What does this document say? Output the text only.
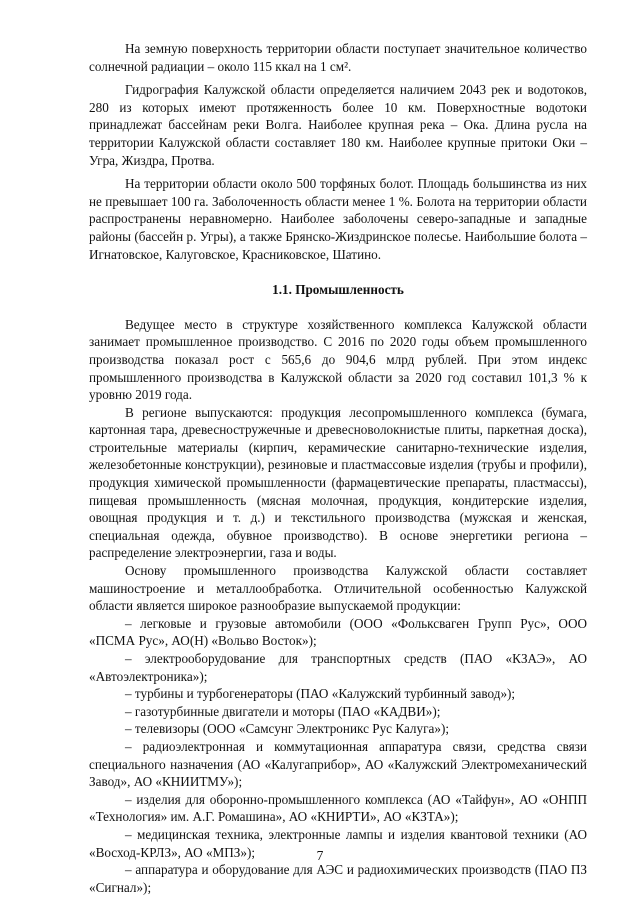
На земную поверхность территории области поступает значительное количество солнечной радиации – около 115 ккал на 1 см².

Гидрография Калужской области определяется наличием 2043 рек и водотоков, 280 из которых имеют протяженность более 10 км. Поверхностные водотоки принадлежат бассейнам реки Волга. Наиболее крупная река – Ока. Длина русла на территории Калужской области составляет 180 км. Наиболее крупные притоки Оки – Угра, Жиздра, Протва.

На территории области около 500 торфяных болот. Площадь большинства из них не превышает 100 га. Заболоченность области менее 1 %. Болота на территории области распространены неравномерно. Наиболее заболочены северо-западные и западные районы (бассейн р. Угры), а также Брянско-Жиздринское полесье. Наибольшие болота – Игнатовское, Калуговское, Красниковское, Шатино.

1.1. Промышленность

Ведущее место в структуре хозяйственного комплекса Калужской области занимает промышленное производство. С 2016 по 2020 годы объем промышленного производства показал рост с 565,6 до 904,6 млрд рублей. При этом индекс промышленного производства в Калужской области за 2020 год составил 101,3 % к уровню 2019 года.

В регионе выпускаются: продукция лесопромышленного комплекса (бумага, картонная тара, древесностружечные и древесноволокнистые плиты, паркетная доска), строительные материалы (кирпич, керамические санитарно-технические изделия, железобетонные конструкции), резиновые и пластмассовые изделия (трубы и профили), продукция химической промышленности (фармацевтические препараты, пластмассы), пищевая промышленность (мясная молочная, продукция, кондитерские изделия, овощная продукция и т. д.) и текстильного производства (мужская и женская, специальная одежда, обувное производство). В основе энергетики региона – распределение электроэнергии, газа и воды.

Основу промышленного производства Калужской области составляет машиностроение и металлообработка. Отличительной особенностью Калужской области является широкое разнообразие выпускаемой продукции:

– легковые и грузовые автомобили (ООО «Фольксваген Групп Рус», ООО «ПСМА Рус», АО(Н) «Вольво Восток»);

– электрооборудование для транспортных средств (ПАО «КЗАЭ», АО «Автоэлектроника»);

– турбины и турбогенераторы (ПАО «Калужский турбинный завод»);

– газотурбинные двигатели и моторы (ПАО «КАДВИ»);

– телевизоры (ООО «Самсунг Электроникс Рус Калуга»);

– радиоэлектронная и коммутационная аппаратура связи, средства связи специального назначения (АО «Калугаприбор», АО «Калужский Электромеханический Завод», АО «КНИИТМУ»);

– изделия для оборонно-промышленного комплекса (АО «Тайфун», АО «ОНПП «Технология» им. А.Г. Ромашина», АО «КНИРТИ», АО «КЗТА»);

– медицинская техника, электронные лампы и изделия квантовой техники (АО «Восход-КРЛЗ», АО «МПЗ»);

– аппаратура и оборудование для АЭС и радиохимических производств (ПАО ПЗ «Сигнал»);

7
